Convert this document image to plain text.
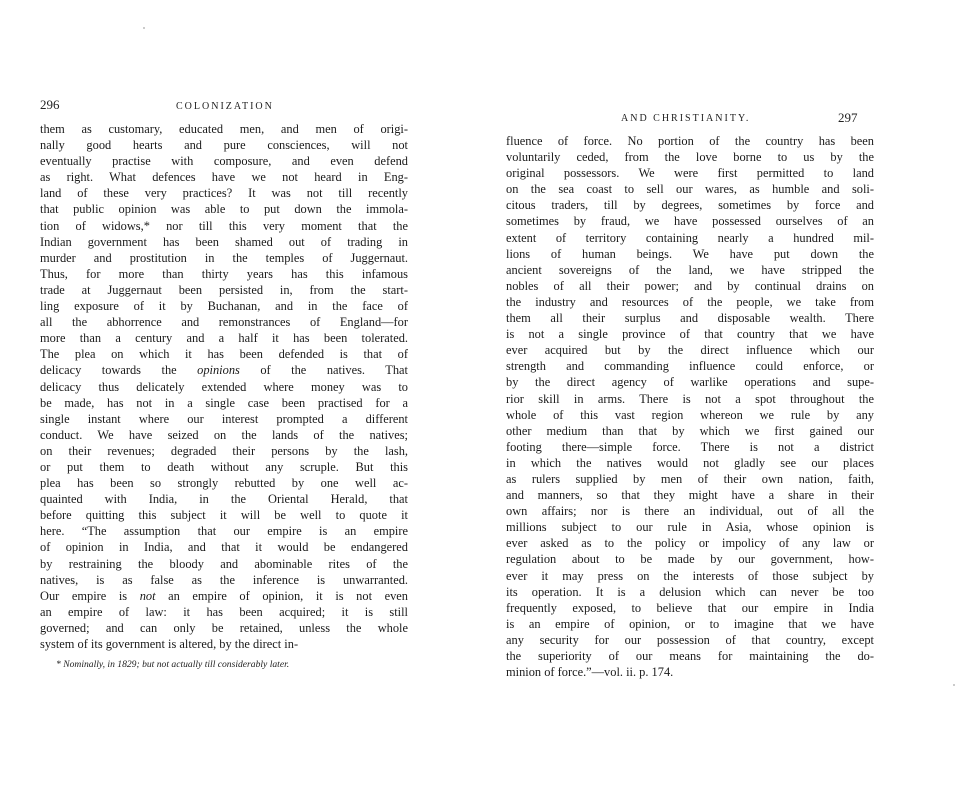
296	COLONIZATION
them as customary, educated men, and men of origi-
nally good hearts and pure consciences, will not
eventually practise with composure, and even defend
as right. What defences have we not heard in Eng-
land of these very practices? It was not till recently
that public opinion was able to put down the immola-
tion of widows,* nor till this very moment that the
Indian government has been shamed out of trading in
murder and prostitution in the temples of Juggernaut.
Thus, for more than thirty years has this infamous
trade at Juggernaut been persisted in, from the start-
ling exposure of it by Buchanan, and in the face of
all the abhorrence and remonstrances of England—for
more than a century and a half it has been tolerated.
The plea on which it has been defended is that of
delicacy towards the opinions of the natives. That
delicacy thus delicately extended where money was to
be made, has not in a single case been practised for a
single instant where our interest prompted a different
conduct. We have seized on the lands of the natives;
on their revenues; degraded their persons by the lash,
or put them to death without any scruple. But this
plea has been so strongly rebutted by one well ac-
quainted with India, in the Oriental Herald, that
before quitting this subject it will be well to quote it
here. “The assumption that our empire is an empire
of opinion in India, and that it would be endangered
by restraining the bloody and abominable rites of the
natives, is as false as the inference is unwarranted.
Our empire is not an empire of opinion, it is not even
an empire of law: it has been acquired; it is still
governed; and can only be retained, unless the whole
system of its government is altered, by the direct in-
* Nominally, in 1829; but not actually till considerably later.
AND CHRISTIANITY.	297
fluence of force. No portion of the country has been
voluntarily ceded, from the love borne to us by the
original possessors. We were first permitted to land
on the sea coast to sell our wares, as humble and soli-
citous traders, till by degrees, sometimes by force and
sometimes by fraud, we have possessed ourselves of an
extent of territory containing nearly a hundred mil-
lions of human beings. We have put down the
ancient sovereigns of the land, we have stripped the
nobles of all their power; and by continual drains on
the industry and resources of the people, we take from
them all their surplus and disposable wealth. There
is not a single province of that country that we have
ever acquired but by the direct influence which our
strength and commanding influence could enforce, or
by the direct agency of warlike operations and supe-
rior skill in arms. There is not a spot throughout the
whole of this vast region whereon we rule by any
other medium than that by which we first gained our
footing there—simple force. There is not a district
in which the natives would not gladly see our places
as rulers supplied by men of their own nation, faith,
and manners, so that they might have a share in their
own affairs; nor is there an individual, out of all the
millions subject to our rule in Asia, whose opinion is
ever asked as to the policy or impolicy of any law or
regulation about to be made by our government, how-
ever it may press on the interests of those subject by
its operation. It is a delusion which can never be too
frequently exposed, to believe that our empire in India
is an empire of opinion, or to imagine that we have
any security for our possession of that country, except
the superiority of our means for maintaining the do-
minion of force.”—vol. ii. p. 174.
